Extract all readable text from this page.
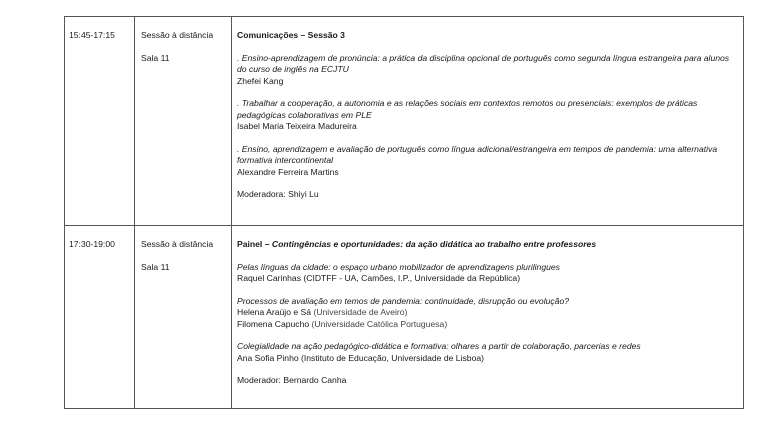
15:45-17:15	Sessão à distância

Sala 11

Comunicações – Sessão 3

. Ensino-aprendizagem de pronúncia: a prática da disciplina opcional de português como segunda língua estrangeira para alunos do curso de inglês na ECJTU

Zhefei Kang

. Trabalhar a cooperação, a autonomia e as relações sociais em contextos remotos ou presenciais: exemplos de práticas pedagógicas colaborativas em PLE

Isabel Maria Teixeira Madureira

. Ensino, aprendizagem e avaliação de português como língua adicional/estrangeira em tempos de pandemia: uma alternativa formativa intercontinental

Alexandre Ferreira Martins

Moderadora: Shiyi Lu

17:30-19:00	Sessão à distância

Sala 11

Painel – Contingências e oportunidades: da ação didática ao trabalho entre professores

Pelas línguas da cidade: o espaço urbano mobilizador de aprendizagens plurilingues

Raquel Carinhas (CIDTFF - UA, Camões, I.P., Universidade da República)

Processos de avaliação em temos de pandemia: continuidade, disrupção ou evolução?

Helena Araújo e Sá (Universidade de Aveiro)

Filomena Capucho (Universidade Católica Portuguesa)

Colegialidade na ação pedagógico-didática e formativa: olhares a partir de colaboração, parcerias e redes

Ana Sofia Pinho (Instituto de Educação, Universidade de Lisboa)

Moderador: Bernardo Canha
